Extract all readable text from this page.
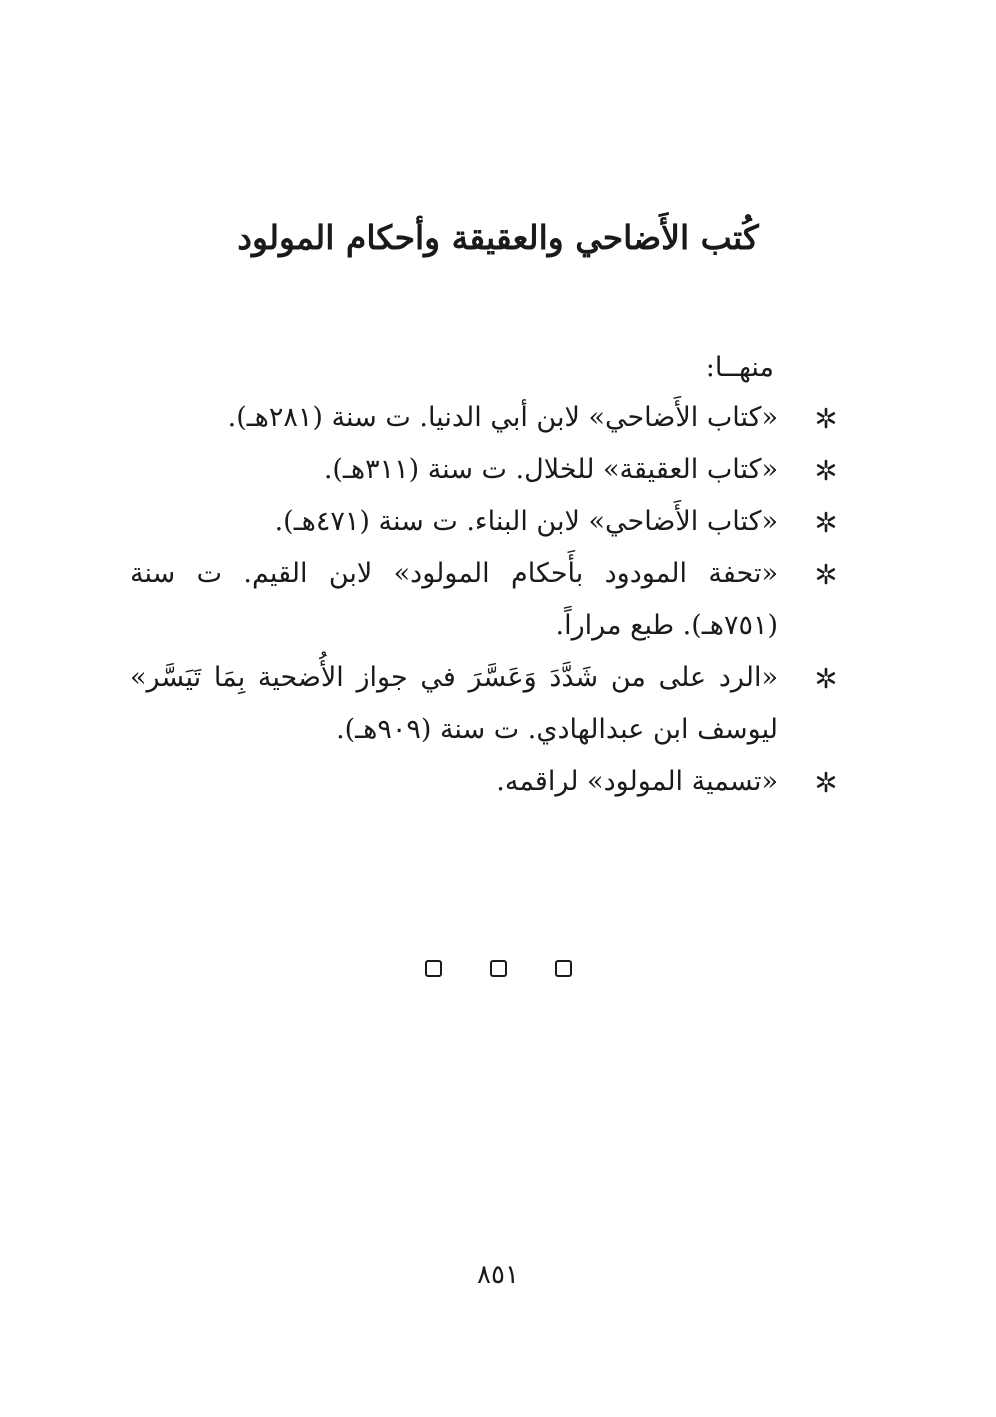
كُتب الأَضاحي والعقيقة وأحكام المولود
منهــا:
«كتاب الأَضاحي» لابن أبي الدنيا. ت سنة (٢٨١هـ).
«كتاب العقيقة» للخلال. ت سنة (٣١١هـ).
«كتاب الأَضاحي» لابن البناء. ت سنة (٤٧١هـ).
«تحفة المودود بأَحكام المولود» لابن القيم. ت سنة (٧٥١هـ). طبع مراراً.
«الرد على من شَدَّدَ وَعَسَّرَ في جواز الأُضحية بِمَا تَيَسَّر» ليوسف ابن عبدالهادي. ت سنة (٩٠٩هـ).
«تسمية المولود» لراقمه.
٨٥١
